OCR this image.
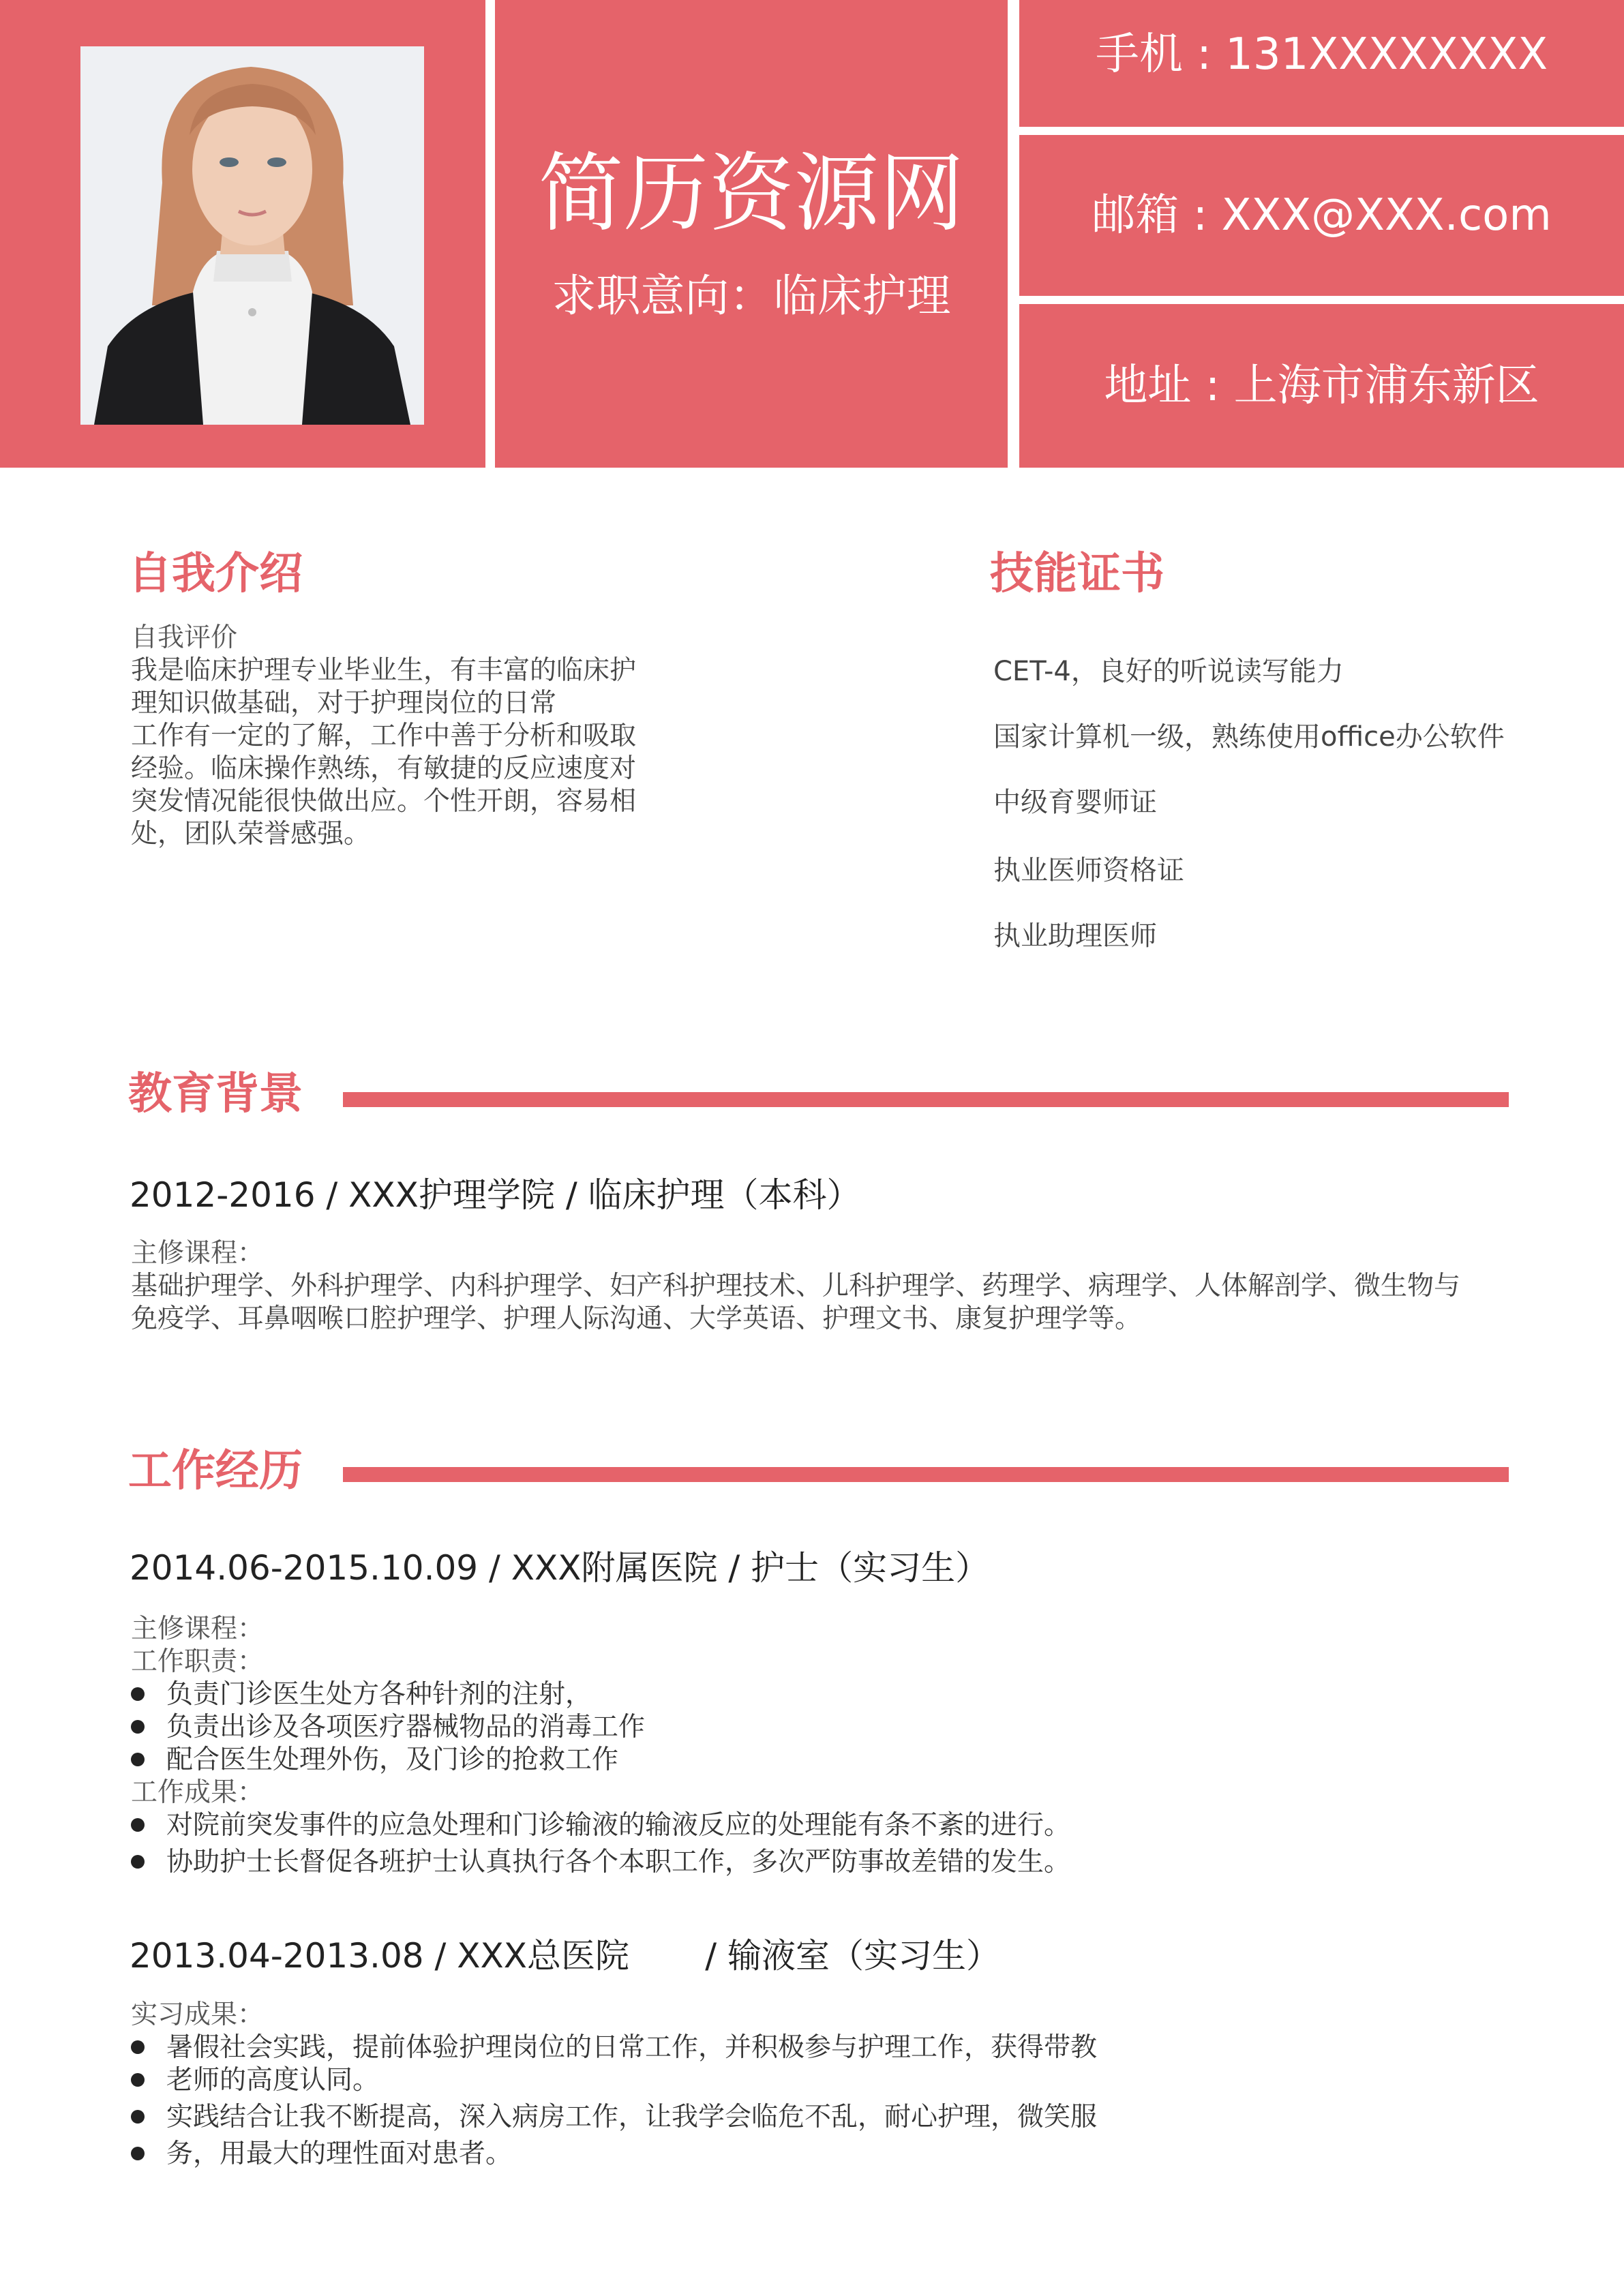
简历资源网
求职意向：临床护理
手机 : 131XXXXXXXX
邮箱 : XXX@XXX.com
地址 : 上海市浦东新区
自我介绍
自我评价
我是临床护理专业毕业生，有丰富的临床护
理知识做基础，对于护理岗位的日常
工作有一定的了解，工作中善于分析和吸取
经验。临床操作熟练，有敏捷的反应速度对
突发情况能很快做出应。个性开朗，容易相
处，团队荣誉感强。
技能证书
CET-4，良好的听说读写能力
国家计算机一级，熟练使用office办公软件
中级育婴师证
执业医师资格证
执业助理医师
教育背景
2012-2016 / XXX护理学院 / 临床护理（本科）
主修课程：
基础护理学、外科护理学、内科护理学、妇产科护理技术、儿科护理学、药理学、病理学、人体解剖学、微生物与
免疫学、耳鼻咽喉口腔护理学、护理人际沟通、大学英语、护理文书、康复护理学等。
工作经历
2014.06-2015.10.09 / XXX附属医院 / 护士（实习生）
主修课程：
工作职责：
负责门诊医生处方各种针剂的注射，
负责出诊及各项医疗器械物品的消毒工作
配合医生处理外伤，及门诊的抢救工作
工作成果：
对院前突发事件的应急处理和门诊输液的输液反应的处理能有条不紊的进行。
协助护士长督促各班护士认真执行各个本职工作，多次严防事故差错的发生。
2013.04-2013.08 / XXX总医院       / 输液室（实习生）
实习成果：
暑假社会实践，提前体验护理岗位的日常工作，并积极参与护理工作，获得带教
老师的高度认同。
实践结合让我不断提高，深入病房工作，让我学会临危不乱，耐心护理，微笑服
务，用最大的理性面对患者。
